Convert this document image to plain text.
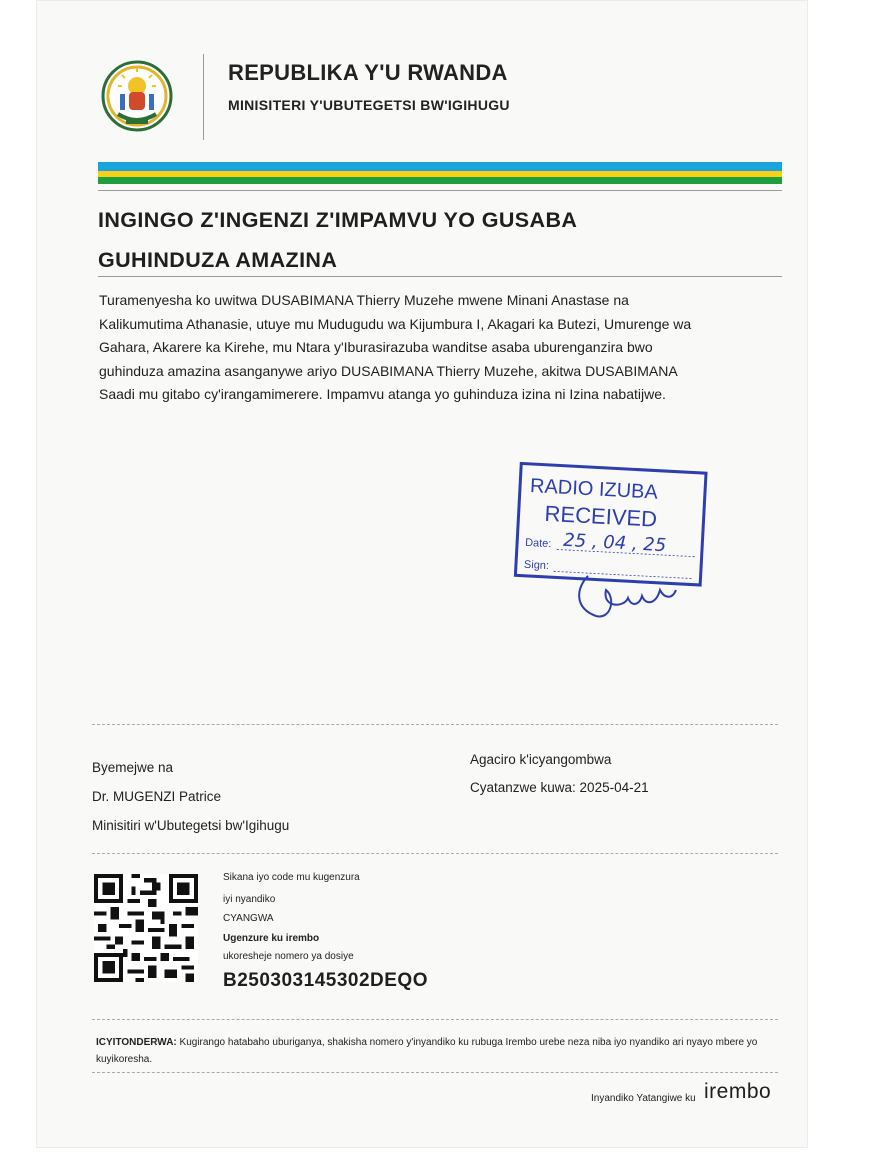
REPUBLIKA Y'U RWANDA
MINISITERI Y'UBUTEGETSI BW'IGIHUGU
INGINGO Z'INGENZI Z'IMPAMVU YO GUSABA
GUHINDUZA AMAZINA
Turamenyesha ko uwitwa DUSABIMANA Thierry Muzehe mwene Minani Anastase na
Kalikumutima Athanasie, utuye mu Mudugudu wa Kijumbura I, Akagari ka Butezi, Umurenge wa
Gahara, Akarere ka Kirehe, mu Ntara y'Iburasirazuba wanditse asaba uburenganzira bwo
guhinduza amazina asanganywe ariyo DUSABIMANA Thierry Muzehe, akitwa DUSABIMANA
Saadi mu gitabo cy'irangamimerere. Impamvu atanga yo guhinduza izina ni Izina nabatijwe.
RADIO IZUBA
RECEIVED
Date: 25 , 04 , 25
Sign:
Byemejwe na
Dr. MUGENZI Patrice
Minisitiri w'Ubutegetsi bw'Igihugu
Agaciro k'icyangombwa
Cyatanzwe kuwa: 2025-04-21
Sikana iyo code mu kugenzura
iyi nyandiko
CYANGWA
Ugenzure ku irembo
ukoresheje nomero ya dosiye
B250303145302DEQO
ICYITONDERWA: Kugirango hatabaho uburiganya, shakisha nomero y'inyandiko ku rubuga Irembo urebe neza niba iyo nyandiko ari nyayo mbere yo kuyikoresha.
Inyandiko Yatangiwe ku irembo
